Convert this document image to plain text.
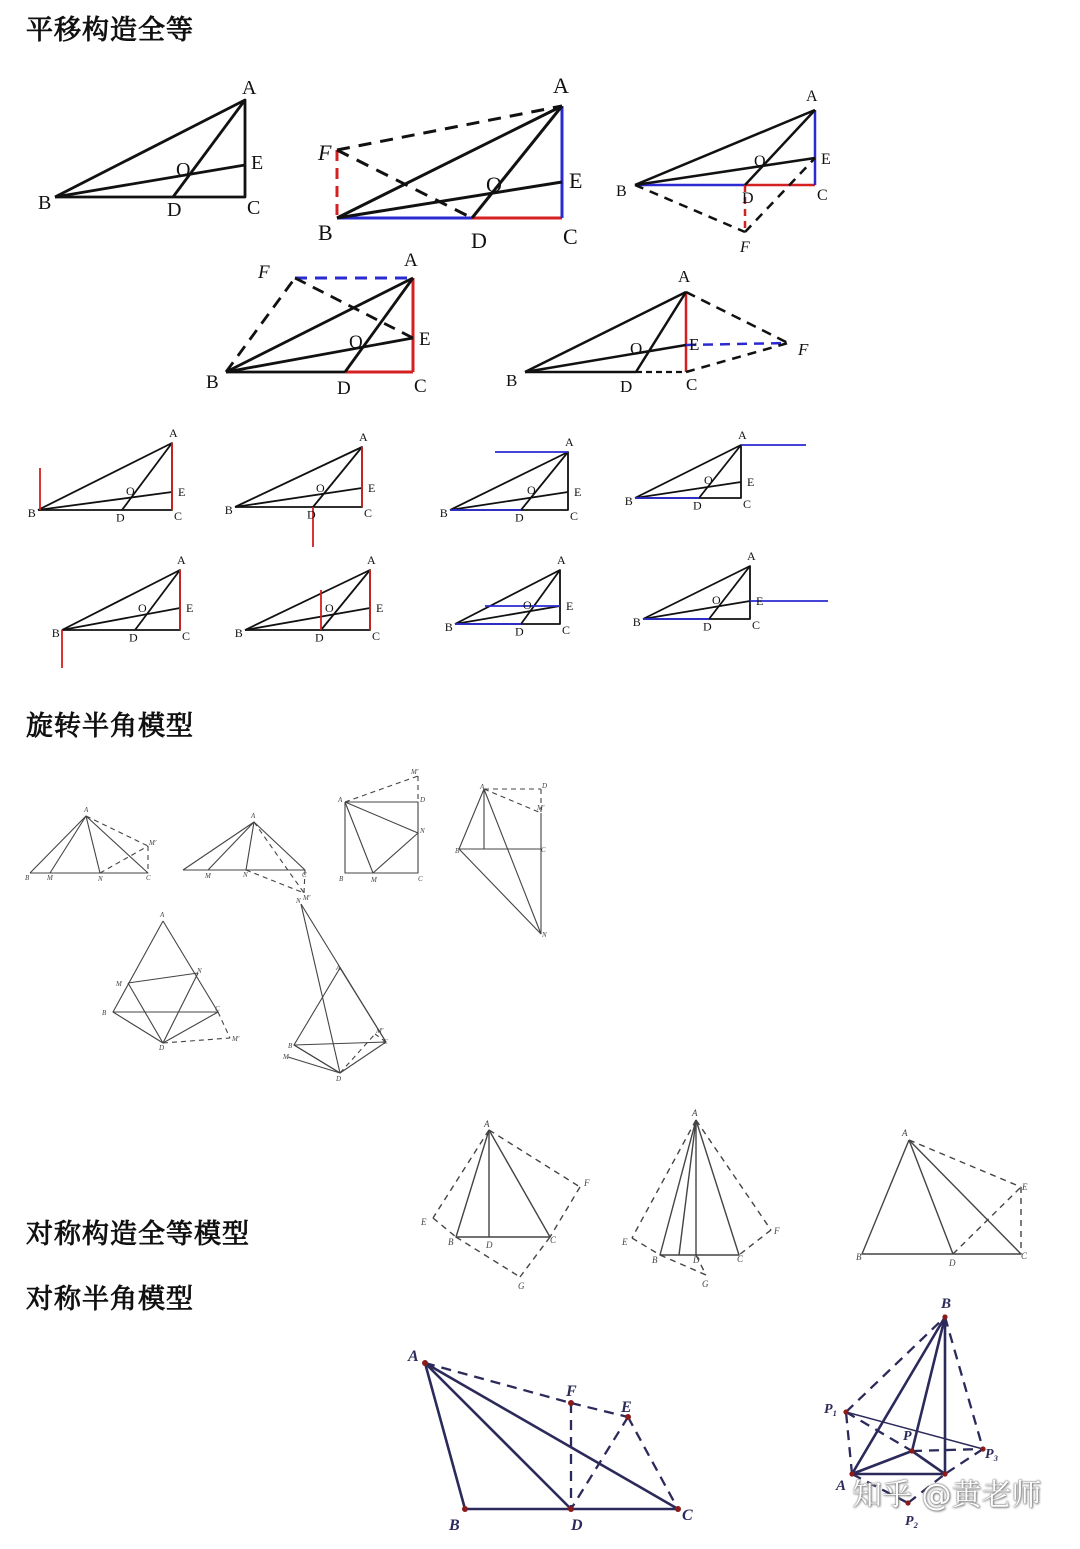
平移构造全等
旋转半角模型
对称构造全等模型
对称半角模型
A
B	C
D
E
O
A
B	C
D
E
F
O
A
B	C
D
E
F
O
A
B	C
D
E
F
O
A
B	C
D
E	F
O
A
B	C
D
E
O
A
B	C
D
E
O
A
B	C
D
E
O
A
B	C
D
E
O
A
B	C
D
E
O
A
B	C
D
E
O
A
B	C
D
E
O
A
B	C
D
E
O
A
B	M	N	C
M'
A
M	N	C
M'
A	D
M'
N
B	M	C
A	D
M'
B	C
N
A
M
N
B	C
D
M'
N
A
B
M
C
D
M'
A
E
B	D	C
F
G
A
E
B	D	C
F
G
A
B
D
C
E
A
B	D
C
F
E
B
P₁
P₃
P
A
P₂
知乎 @黄老师
